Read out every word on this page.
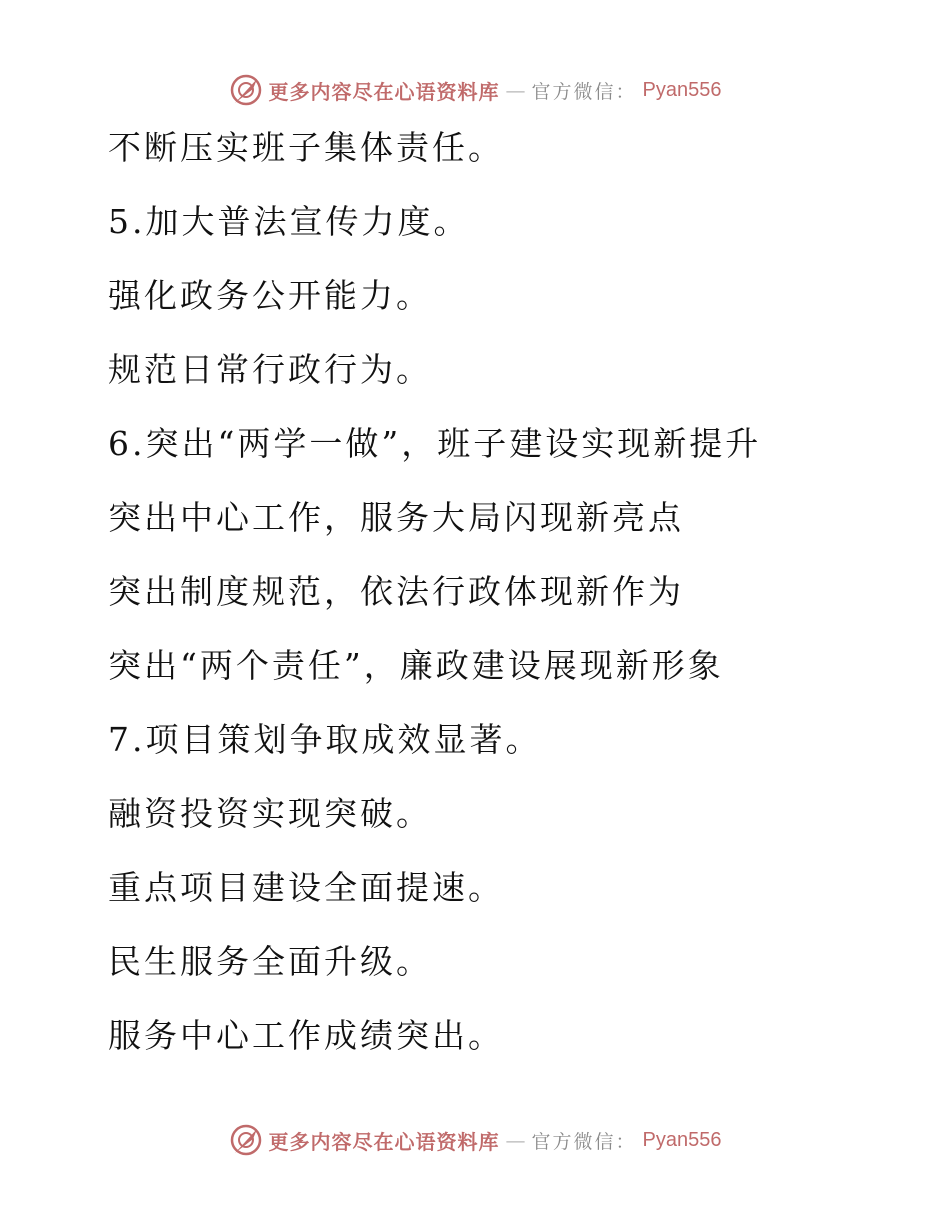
更多内容尽在心语资料库 — 官方微信： Pyan556
不断压实班子集体责任。
5.加大普法宣传力度。
强化政务公开能力。
规范日常行政行为。
6.突出“两学一做”，班子建设实现新提升
突出中心工作，服务大局闪现新亮点
突出制度规范，依法行政体现新作为
突出“两个责任”，廉政建设展现新形象
7.项目策划争取成效显著。
融资投资实现突破。
重点项目建设全面提速。
民生服务全面升级。
服务中心工作成绩突出。
更多内容尽在心语资料库 — 官方微信： Pyan556
